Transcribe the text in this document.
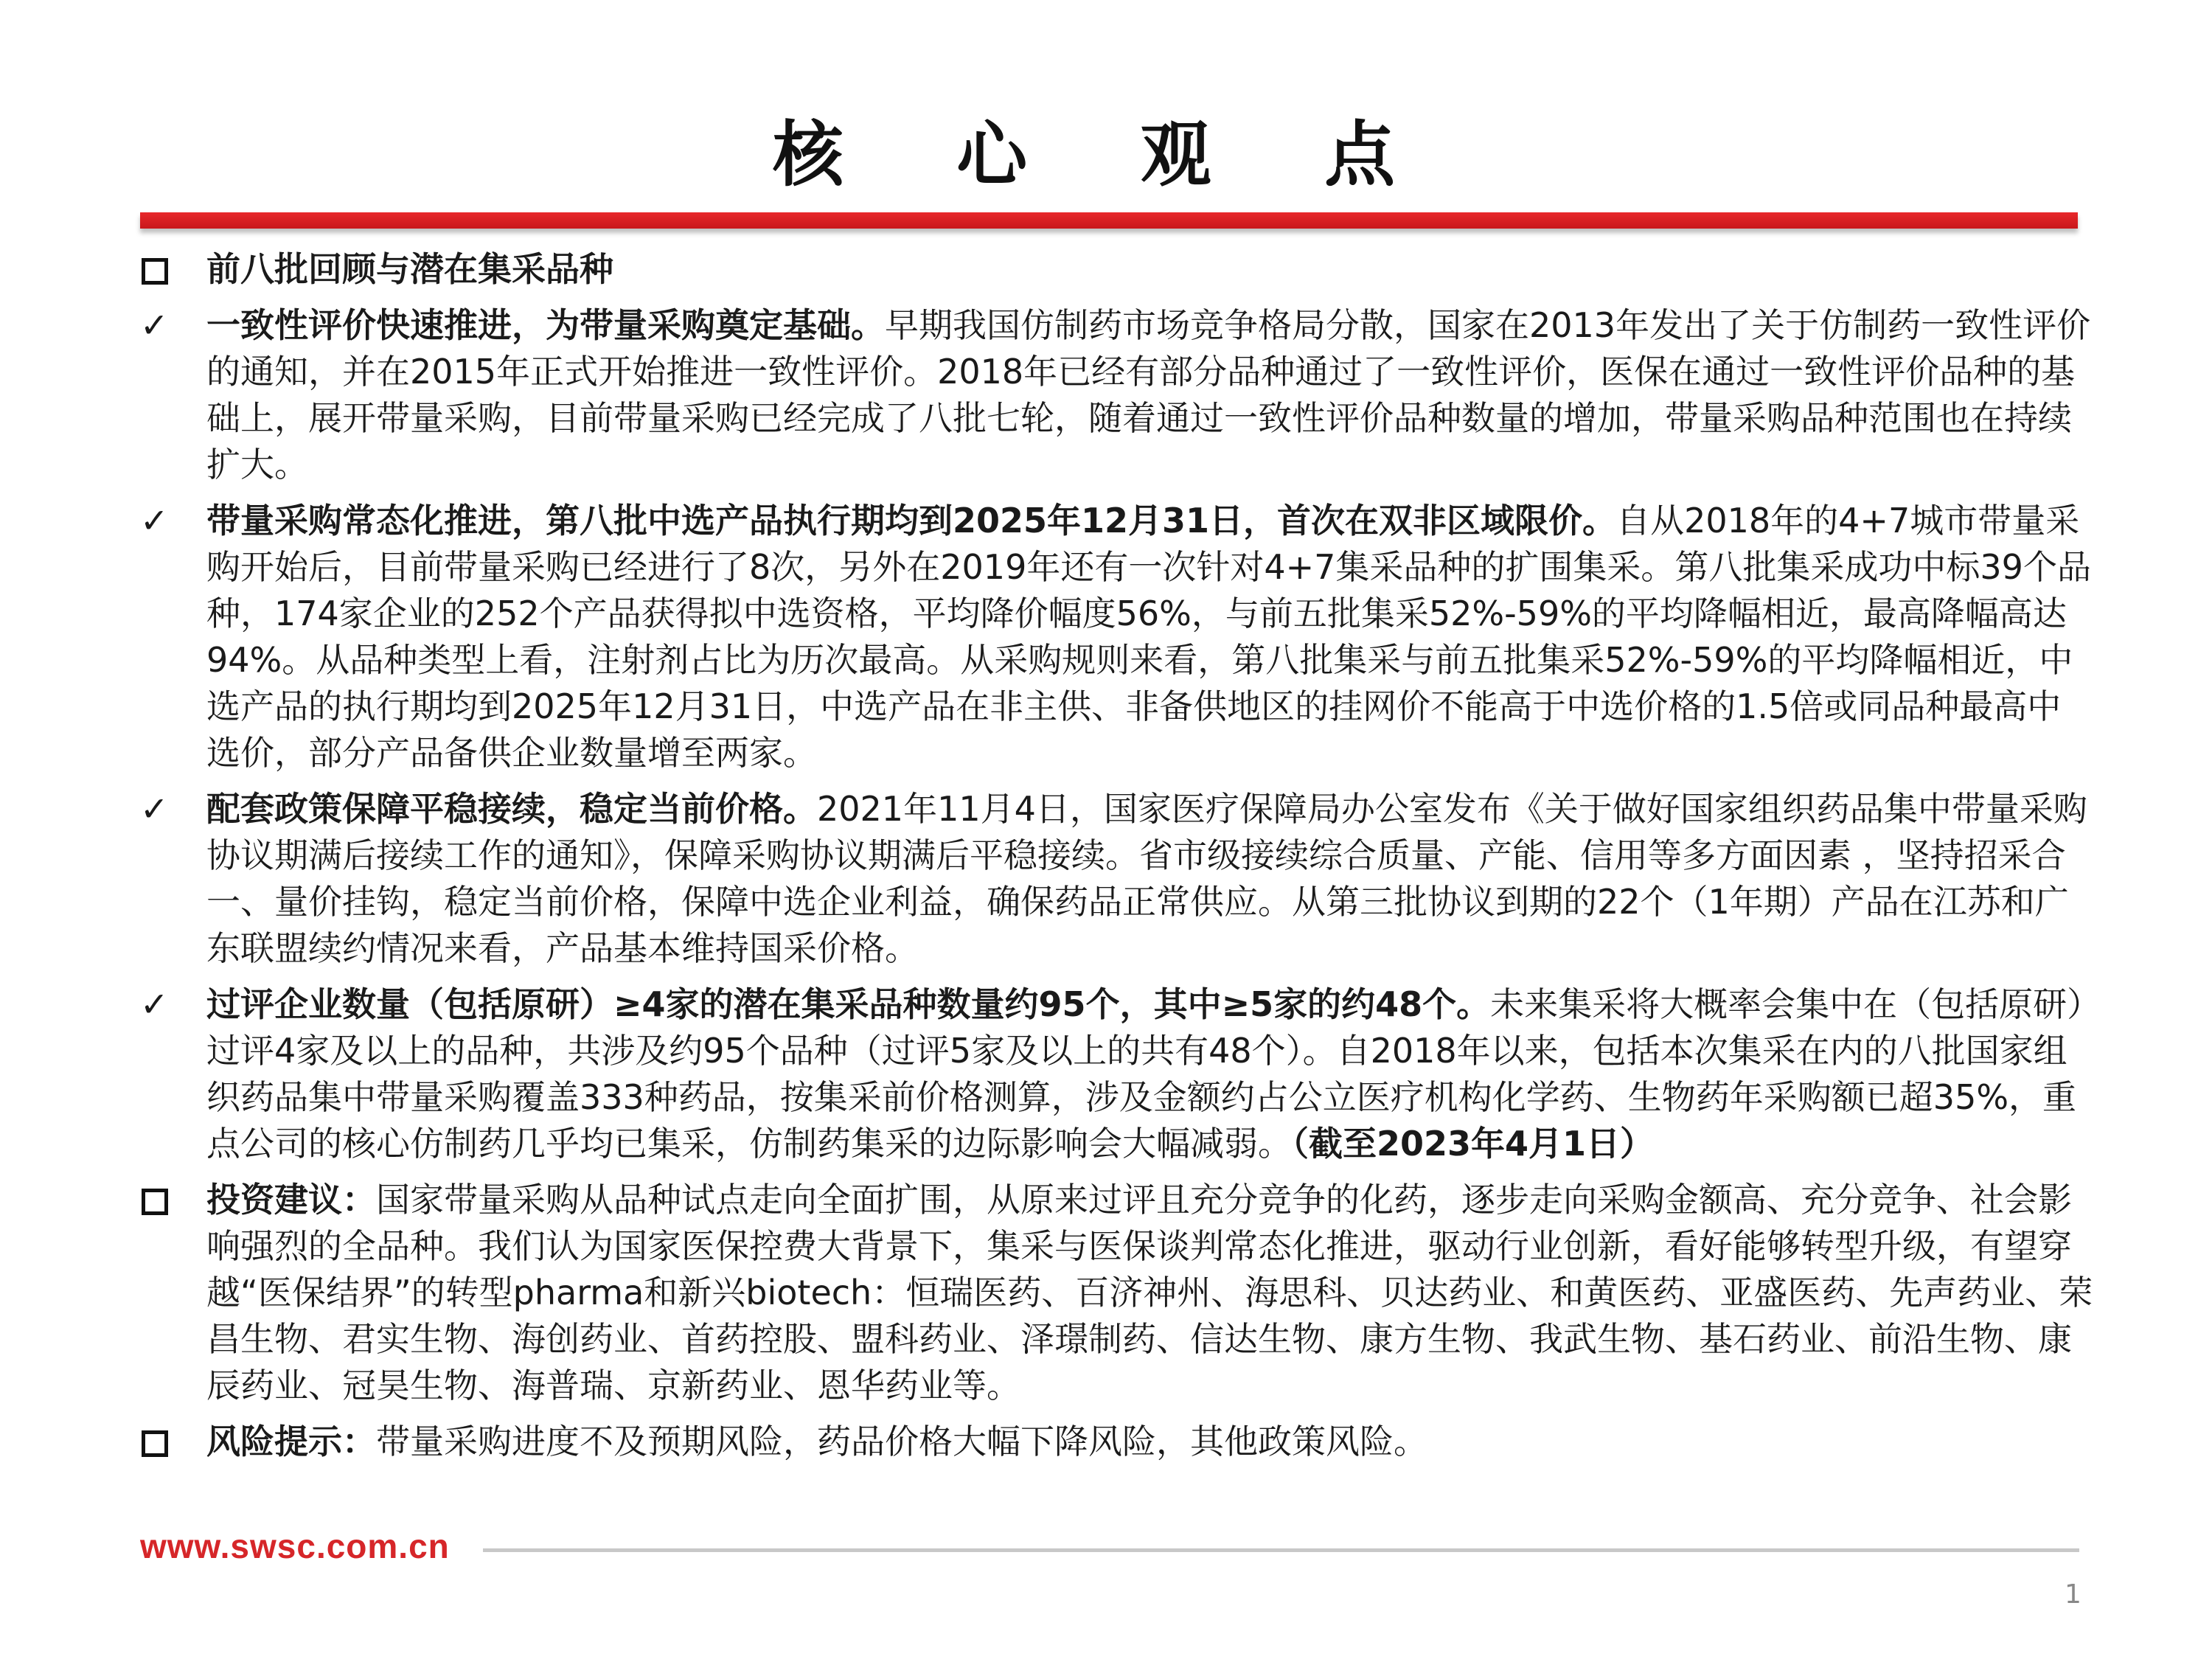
核 心 观 点
前八批回顾与潜在集采品种
✓	一致性评价快速推进，为带量采购奠定基础。早期我国仿制药市场竞争格局分散，国家在2013年发出了关于仿制药一致性评价的通知，并在2015年正式开始推进一致性评价。2018年已经有部分品种通过了一致性评价，医保在通过一致性评价品种的基础上，展开带量采购，目前带量采购已经完成了八批七轮，随着通过一致性评价品种数量的增加，带量采购品种范围也在持续扩大。
✓	带量采购常态化推进，第八批中选产品执行期均到2025年12月31日，首次在双非区域限价。自从2018年的4+7城市带量采购开始后，目前带量采购已经进行了8次，另外在2019年还有一次针对4+7集采品种的扩围集采。第八批集采成功中标39个品种，174家企业的252个产品获得拟中选资格，平均降价幅度56%，与前五批集采52%-59%的平均降幅相近，最高降幅高达94%。从品种类型上看，注射剂占比为历次最高。从采购规则来看，第八批集采与前五批集采52%-59%的平均降幅相近，中选产品的执行期均到2025年12月31日，中选产品在非主供、非备供地区的挂网价不能高于中选价格的1.5倍或同品种最高中选价，部分产品备供企业数量增至两家。
✓	配套政策保障平稳接续，稳定当前价格。2021年11月4日，国家医疗保障局办公室发布《关于做好国家组织药品集中带量采购协议期满后接续工作的通知》，保障采购协议期满后平稳接续。省市级接续综合质量、产能、信用等多方面因素 ，坚持招采合一、量价挂钩，稳定当前价格，保障中选企业利益，确保药品正常供应。从第三批协议到期的22个（1年期）产品在江苏和广东联盟续约情况来看，产品基本维持国采价格。
✓	过评企业数量（包括原研）≥4家的潜在集采品种数量约95个，其中≥5家的约48个。未来集采将大概率会集中在（包括原研）过评4家及以上的品种，共涉及约95个品种（过评5家及以上的共有48个）。自2018年以来，包括本次集采在内的八批国家组织药品集中带量采购覆盖333种药品，按集采前价格测算，涉及金额约占公立医疗机构化学药、生物药年采购额已超35%，重点公司的核心仿制药几乎均已集采，仿制药集采的边际影响会大幅减弱。（截至2023年4月1日）
投资建议：国家带量采购从品种试点走向全面扩围，从原来过评且充分竞争的化药，逐步走向采购金额高、充分竞争、社会影响强烈的全品种。我们认为国家医保控费大背景下，集采与医保谈判常态化推进，驱动行业创新，看好能够转型升级，有望穿越“医保结界”的转型pharma和新兴biotech：恒瑞医药、百济神州、海思科、贝达药业、和黄医药、亚盛医药、先声药业、荣昌生物、君实生物、海创药业、首药控股、盟科药业、泽璟制药、信达生物、康方生物、我武生物、基石药业、前沿生物、康辰药业、冠昊生物、海普瑞、京新药业、恩华药业等。
风险提示：带量采购进度不及预期风险，药品价格大幅下降风险，其他政策风险。
www.swsc.com.cn
1
